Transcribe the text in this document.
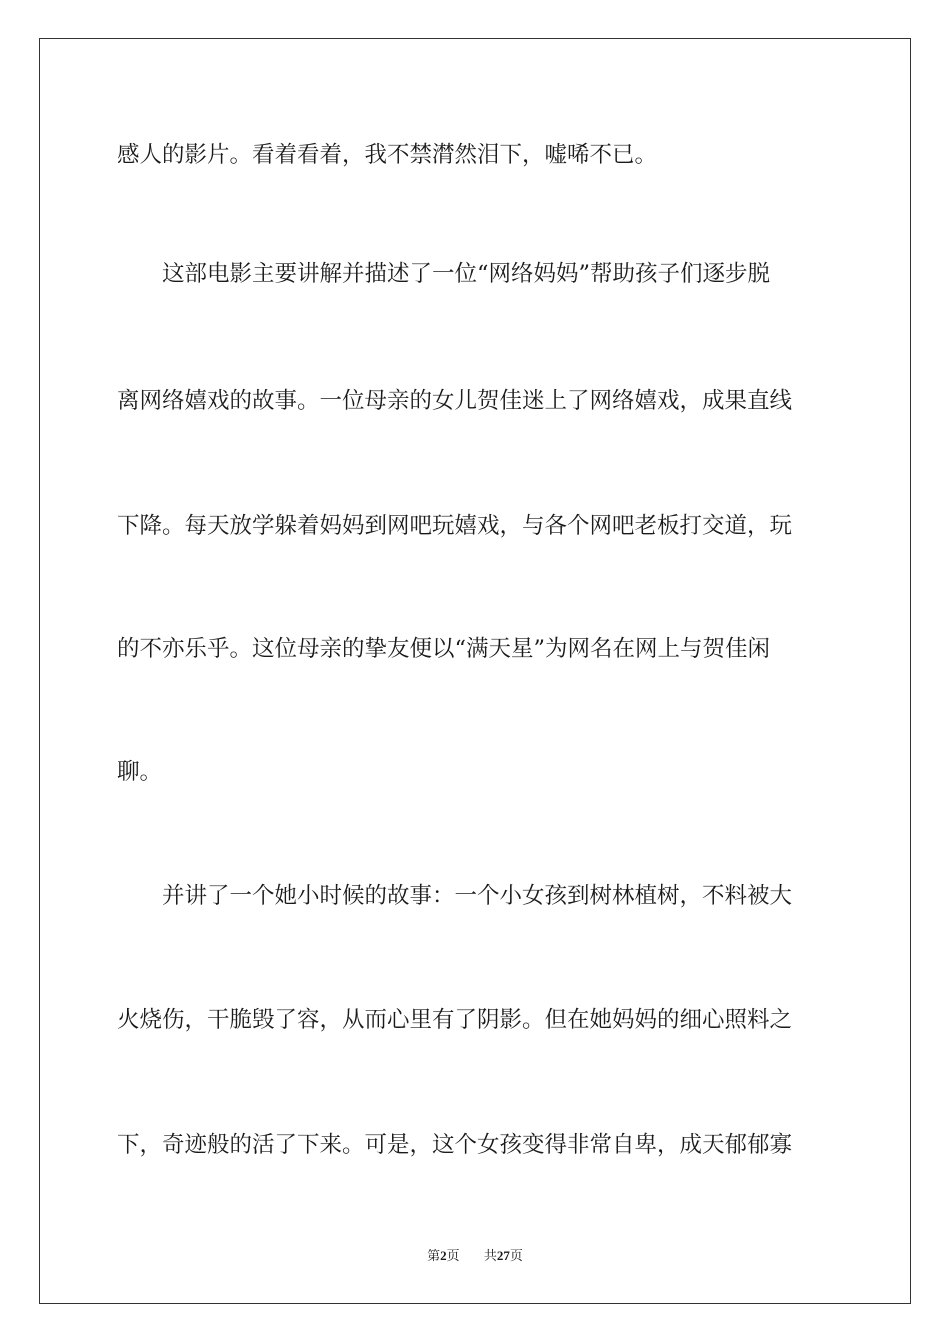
感人的影片。看着看着，我不禁潸然泪下，嘘唏不已。
　　这部电影主要讲解并描述了一位“网络妈妈”帮助孩子们逐步脱
离网络嬉戏的故事。一位母亲的女儿贺佳迷上了网络嬉戏，成果直线
下降。每天放学躲着妈妈到网吧玩嬉戏，与各个网吧老板打交道，玩
的不亦乐乎。这位母亲的挚友便以“满天星”为网名在网上与贺佳闲
聊。
　　并讲了一个她小时候的故事：一个小女孩到树林植树，不料被大
火烧伤，干脆毁了容，从而心里有了阴影。但在她妈妈的细心照料之
下，奇迹般的活了下来。可是，这个女孩变得非常自卑，成天郁郁寡
第2页 共27页
